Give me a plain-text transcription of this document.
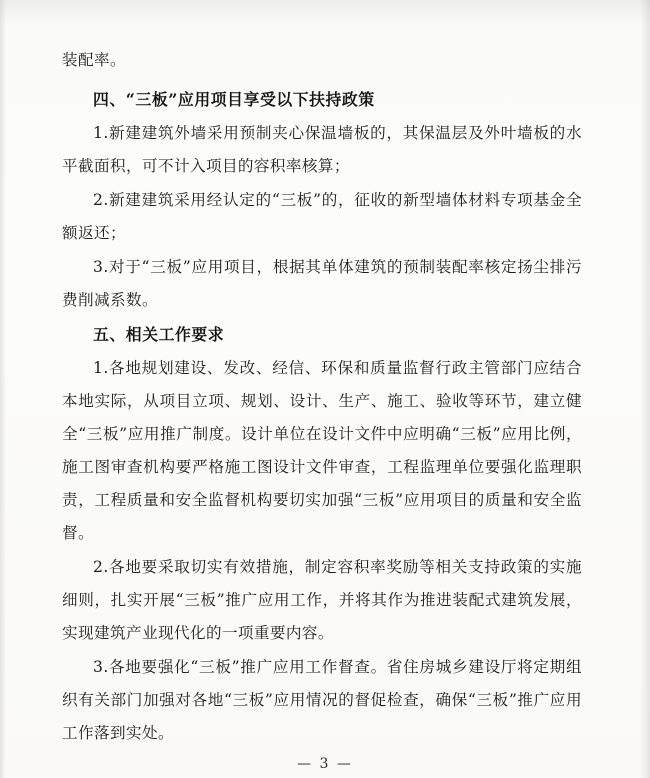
装配率。

四、“三板”应用项目享受以下扶持政策

1.新建建筑外墙采用预制夹心保温墙板的，其保温层及外叶墙板的水平截面积，可不计入项目的容积率核算；

2.新建建筑采用经认定的“三板”的，征收的新型墙体材料专项基金全额返还；

3.对于“三板”应用项目，根据其单体建筑的预制装配率核定扬尘排污费削减系数。

五、相关工作要求

1.各地规划建设、发改、经信、环保和质量监督行政主管部门应结合本地实际，从项目立项、规划、设计、生产、施工、验收等环节，建立健全“三板”应用推广制度。设计单位在设计文件中应明确“三板”应用比例，施工图审查机构要严格施工图设计文件审查，工程监理单位要强化监理职责，工程质量和安全监督机构要切实加强“三板”应用项目的质量和安全监督。

2.各地要采取切实有效措施，制定容积率奖励等相关支持政策的实施细则，扎实开展“三板”推广应用工作，并将其作为推进装配式建筑发展，实现建筑产业现代化的一项重要内容。

3.各地要强化“三板”推广应用工作督查。省住房城乡建设厅将定期组织有关部门加强对各地“三板”应用情况的督促检查，确保“三板”推广应用工作落到实处。

— 3 —
